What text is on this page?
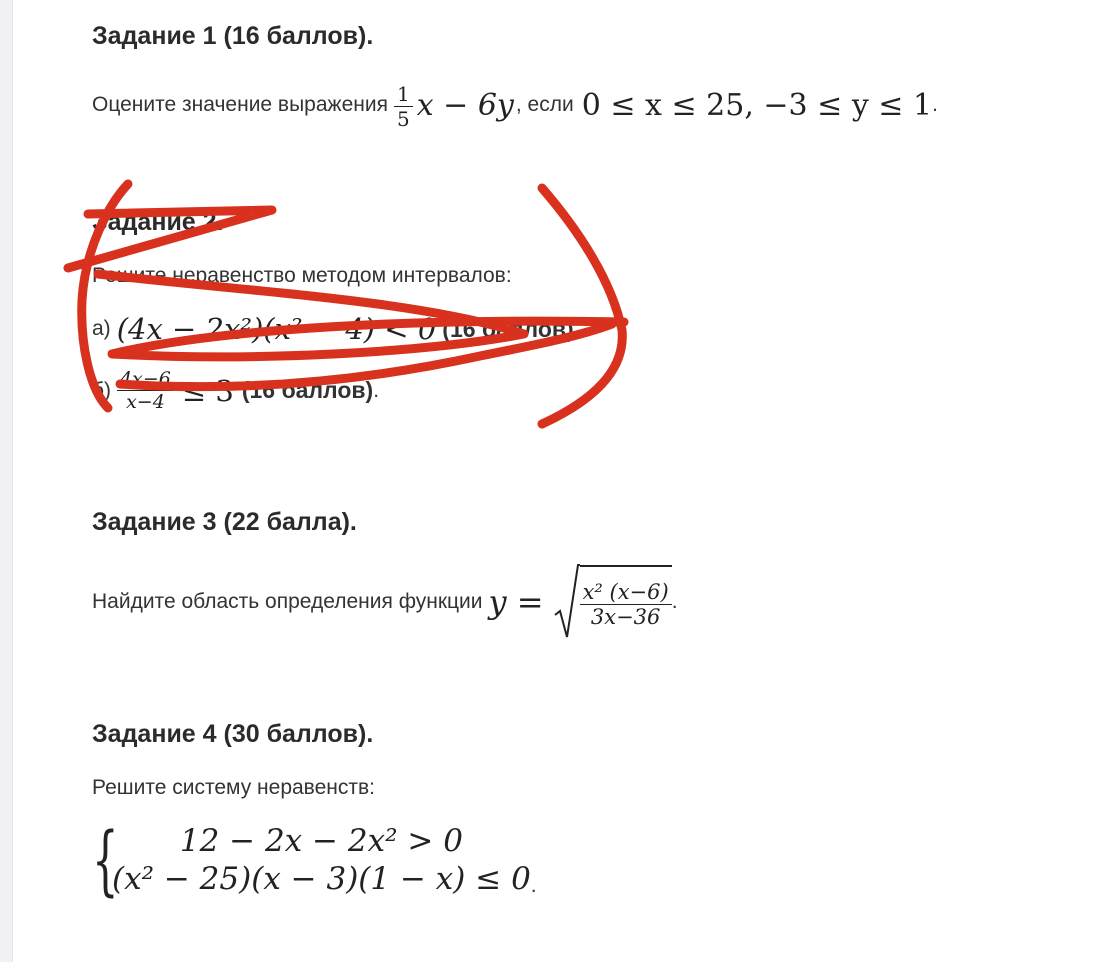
Задание 1 (16 баллов).
Оцените значение выражения $\frac{1}{5}$ x − 6y , если 0 ≤ x ≤ 25, −3 ≤ y ≤ 1 .
Задание 2.
Решите неравенство методом интервалов:
а) (4x − 2x²)(x² − 4) < 0 (16 баллов) ;
$б) \frac{4x-6}{x-4} \le 3$ (16 баллов) .
Задание 3 (22 балла).
Найдите область определения функции $y = \frac{\text{x² (x−6)}}{3x-36}$ .
Задание 4 (30 баллов).
Решите систему неравенств:
{	12 − 2x − 2x² > 0
(x² − 25)(x − 3)(1 − x) ≤ 0 .
